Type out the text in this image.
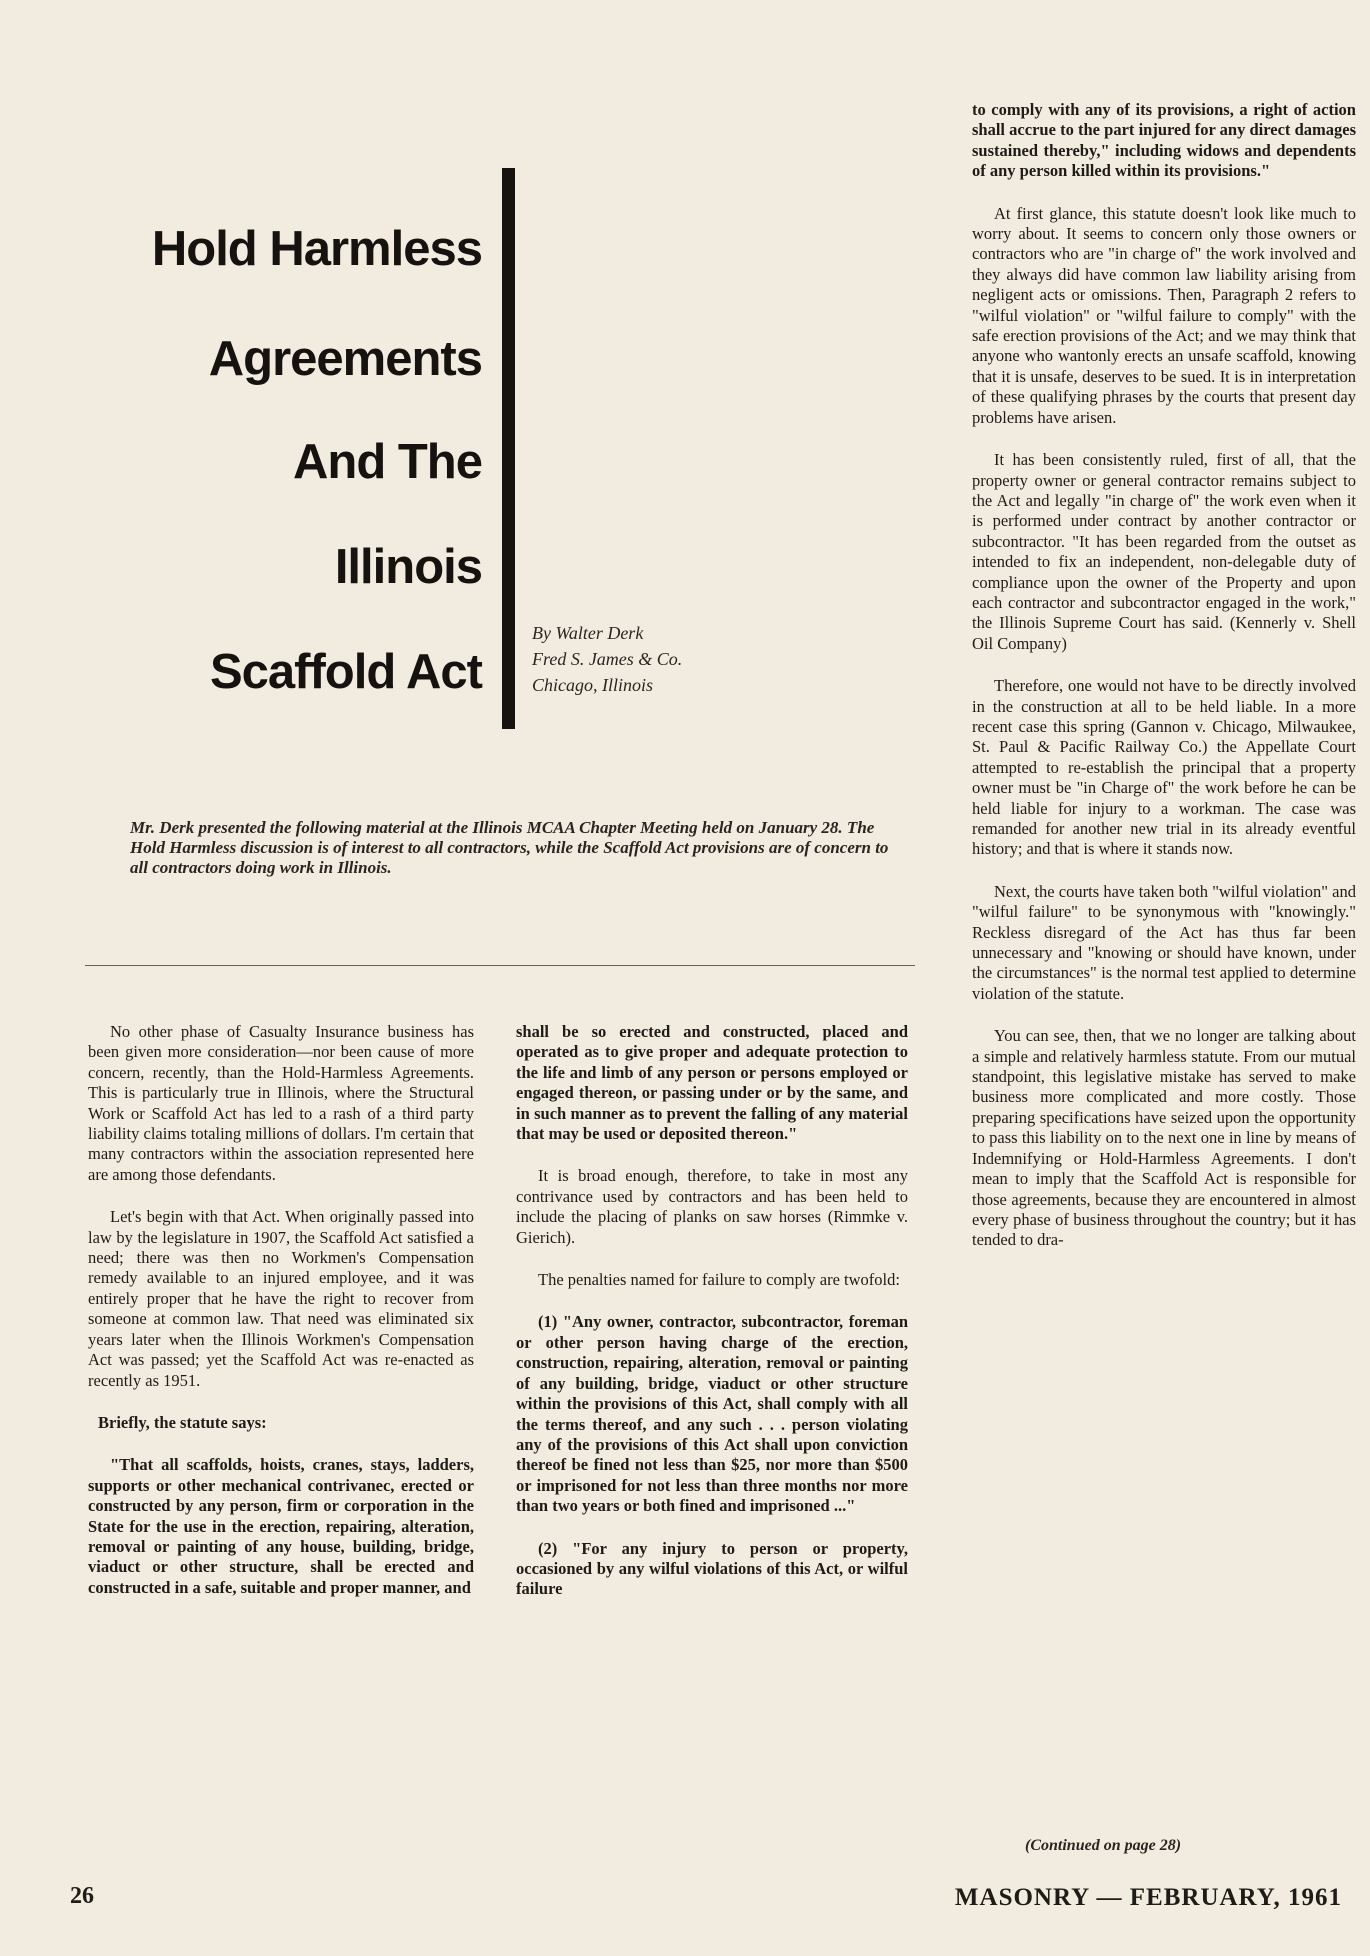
Hold Harmless
Agreements
And The
Illinois
Scaffold Act
By Walter Derk
Fred S. James & Co.
Chicago, Illinois

Mr. Derk presented the following material at the Illinois MCAA Chapter Meeting held on January 28. The Hold Harmless discussion is of interest to all contractors, while the Scaffold Act provisions are of concern to all contractors doing work in Illinois.

No other phase of Casualty Insurance business has been given more consideration—nor been cause of more concern, recently, than the Hold-Harmless Agreements. This is particularly true in Illinois, where the Structural Work or Scaffold Act has led to a rash of a third party liability claims totaling millions of dollars. I'm certain that many contractors within the association represented here are among those defendants.

Let's begin with that Act. When originally passed into law by the legislature in 1907, the Scaffold Act satisfied a need; there was then no Workmen's Compensation remedy available to an injured employee, and it was entirely proper that he have the right to recover from someone at common law. That need was eliminated six years later when the Illinois Workmen's Compensation Act was passed; yet the Scaffold Act was re-enacted as recently as 1951.

Briefly, the statute says:

"That all scaffolds, hoists, cranes, stays, ladders, supports or other mechanical contrivanec, erected or constructed by any person, firm or corporation in the State for the use in the erection, repairing, alteration, removal or painting of any house, building, bridge, viaduct or other structure, shall be erected and constructed in a safe, suitable and proper manner, and

shall be so erected and constructed, placed and operated as to give proper and adequate protection to the life and limb of any person or persons employed or engaged thereon, or passing under or by the same, and in such manner as to prevent the falling of any material that may be used or deposited thereon."

It is broad enough, therefore, to take in most any contrivance used by contractors and has been held to include the placing of planks on saw horses (Rimmke v. Gierich).

The penalties named for failure to comply are twofold:

(1) "Any owner, contractor, subcontractor, foreman or other person having charge of the erection, construction, repairing, alteration, removal or painting of any building, bridge, viaduct or other structure within the provisions of this Act, shall comply with all the terms thereof, and any such . . . person violating any of the provisions of this Act shall upon conviction thereof be fined not less than $25, nor more than $500 or imprisoned for not less than three months nor more than two years or both fined and imprisoned ..."

(2) "For any injury to person or property, occasioned by any wilful violations of this Act, or wilful failure

to comply with any of its provisions, a right of action shall accrue to the part injured for any direct damages sustained thereby," including widows and dependents of any person killed within its provisions."

At first glance, this statute doesn't look like much to worry about. It seems to concern only those owners or contractors who are "in charge of" the work involved and they always did have common law liability arising from negligent acts or omissions. Then, Paragraph 2 refers to "wilful violation" or "wilful failure to comply" with the safe erection provisions of the Act; and we may think that anyone who wantonly erects an unsafe scaffold, knowing that it is unsafe, deserves to be sued. It is in interpretation of these qualifying phrases by the courts that present day problems have arisen.

It has been consistently ruled, first of all, that the property owner or general contractor remains subject to the Act and legally "in charge of" the work even when it is performed under contract by another contractor or subcontractor. "It has been regarded from the outset as intended to fix an independent, non-delegable duty of compliance upon the owner of the Property and upon each contractor and subcontractor engaged in the work," the Illinois Supreme Court has said. (Kennerly v. Shell Oil Company)

Therefore, one would not have to be directly involved in the construction at all to be held liable. In a more recent case this spring (Gannon v. Chicago, Milwaukee, St. Paul & Pacific Railway Co.) the Appellate Court attempted to re-establish the principal that a property owner must be "in Charge of" the work before he can be held liable for injury to a workman. The case was remanded for another new trial in its already eventful history; and that is where it stands now.

Next, the courts have taken both "wilful violation" and "wilful failure" to be synonymous with "knowingly." Reckless disregard of the Act has thus far been unnecessary and "knowing or should have known, under the circumstances" is the normal test applied to determine violation of the statute.

You can see, then, that we no longer are talking about a simple and relatively harmless statute. From our mutual standpoint, this legislative mistake has served to make business more complicated and more costly. Those preparing specifications have seized upon the opportunity to pass this liability on to the next one in line by means of Indemnifying or Hold-Harmless Agreements. I don't mean to imply that the Scaffold Act is responsible for those agreements, because they are encountered in almost every phase of business throughout the country; but it has tended to dra-

(Continued on page 28)
26	MASONRY — FEBRUARY, 1961
